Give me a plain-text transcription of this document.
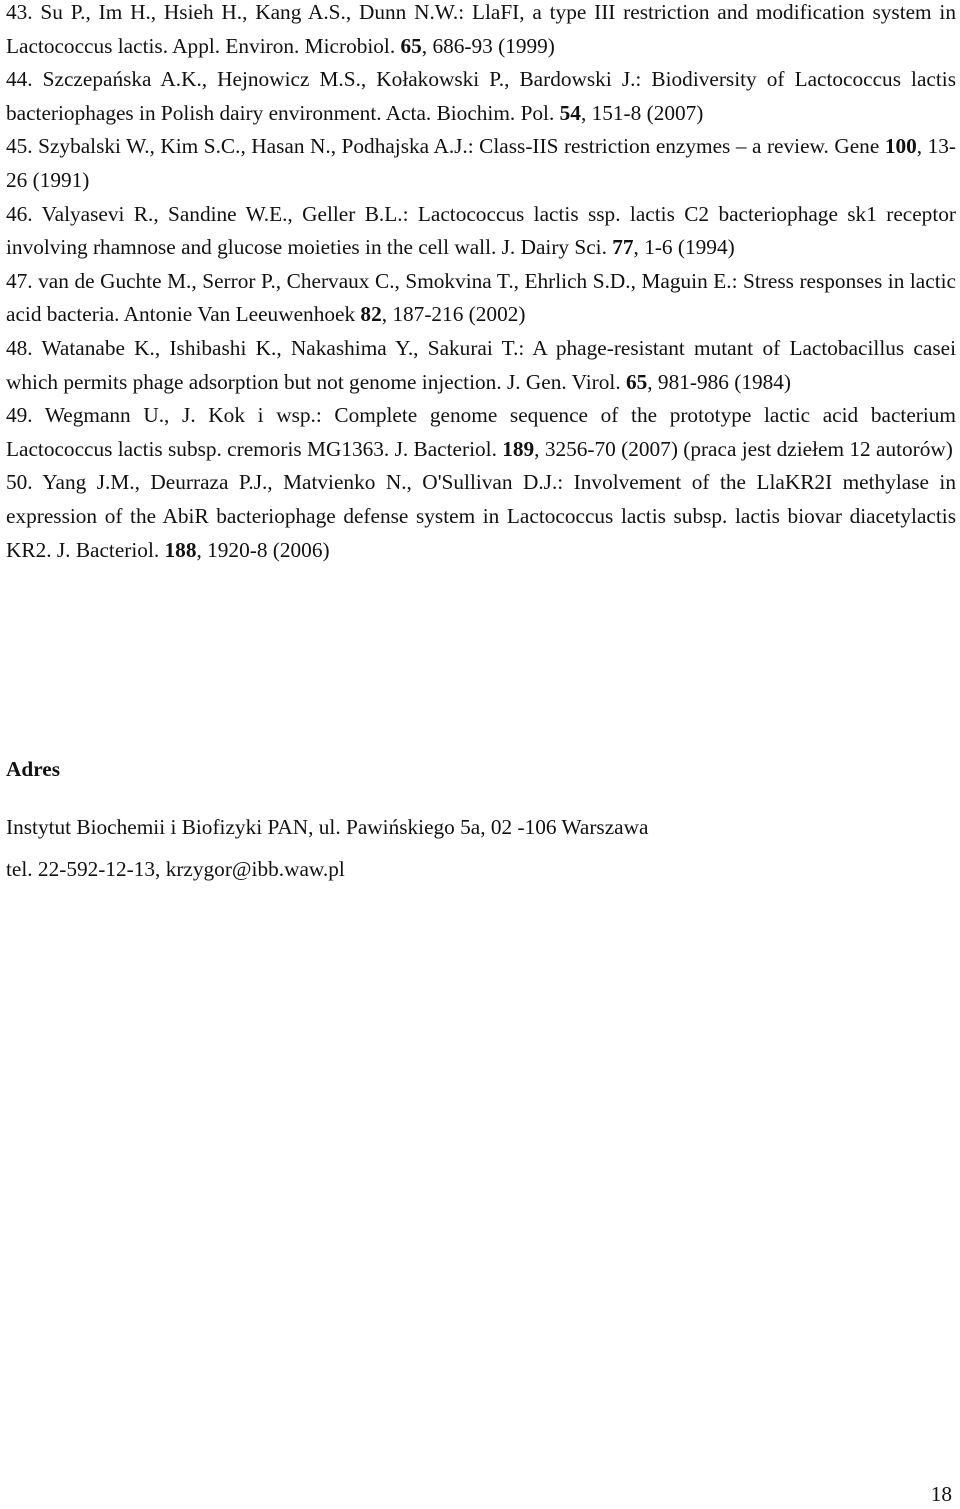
43. Su P., Im H., Hsieh H., Kang A.S., Dunn N.W.: LlaFI, a type III restriction and modification system in Lactococcus lactis. Appl. Environ. Microbiol. 65, 686-93 (1999)

44. Szczepańska A.K., Hejnowicz M.S., Kołakowski P., Bardowski J.: Biodiversity of Lactococcus lactis bacteriophages in Polish dairy environment. Acta. Biochim. Pol. 54, 151-8 (2007)

45. Szybalski W., Kim S.C., Hasan N., Podhajska A.J.: Class-IIS restriction enzymes – a review. Gene 100, 13-26 (1991)

46. Valyasevi R., Sandine W.E., Geller B.L.: Lactococcus lactis ssp. lactis C2 bacteriophage sk1 receptor involving rhamnose and glucose moieties in the cell wall. J. Dairy Sci. 77, 1-6 (1994)

47. van de Guchte M., Serror P., Chervaux C., Smokvina T., Ehrlich S.D., Maguin E.: Stress responses in lactic acid bacteria. Antonie Van Leeuwenhoek 82, 187-216 (2002)

48. Watanabe K., Ishibashi K., Nakashima Y., Sakurai T.: A phage-resistant mutant of Lactobacillus casei which permits phage adsorption but not genome injection. J. Gen. Virol. 65, 981-986 (1984)

49. Wegmann U., J. Kok i wsp.: Complete genome sequence of the prototype lactic acid bacterium Lactococcus lactis subsp. cremoris MG1363. J. Bacteriol. 189, 3256-70 (2007) (praca jest dziełem 12 autorów)

50. Yang J.M., Deurraza P.J., Matvienko N., O'Sullivan D.J.: Involvement of the LlaKR2I methylase in expression of the AbiR bacteriophage defense system in Lactococcus lactis subsp. lactis biovar diacetylactis KR2. J. Bacteriol. 188, 1920-8 (2006)

Adres

Instytut Biochemii i Biofizyki PAN, ul. Pawińskiego 5a, 02 -106 Warszawa

tel. 22-592-12-13, krzygor@ibb.waw.pl

18
